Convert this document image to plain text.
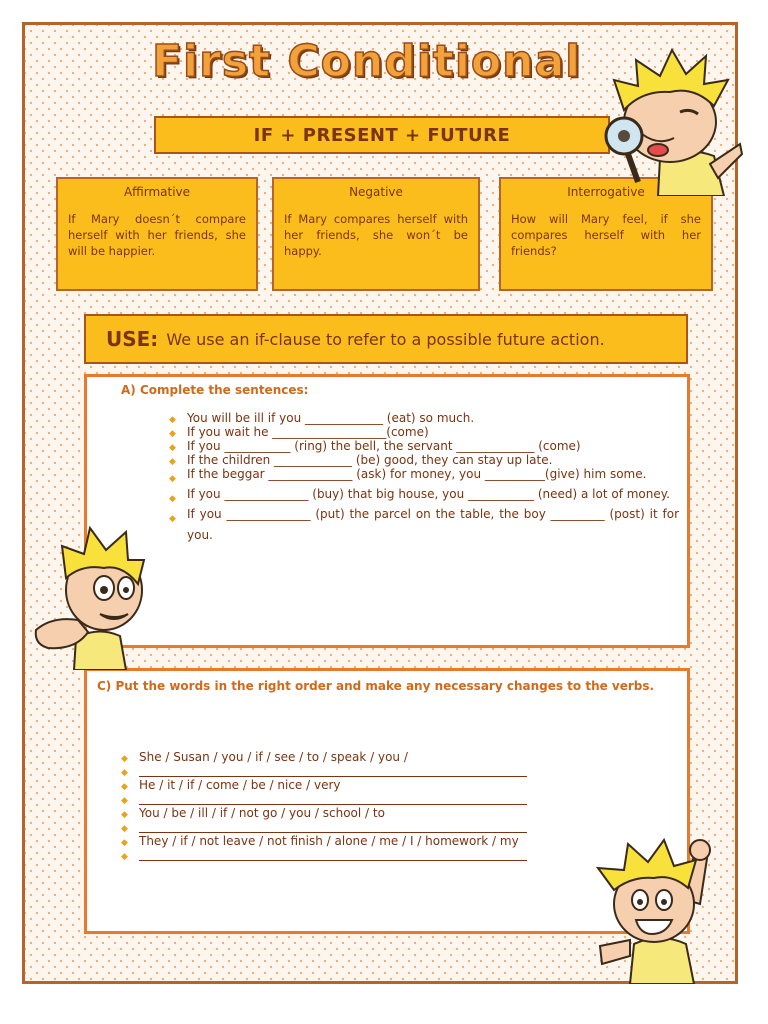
First Conditional
IF + PRESENT + FUTURE
Affirmative

If Mary doesn´t compare herself with her friends, she will be happier.

Negative

If Mary compares herself with her friends, she won´t be happy.

Interrogative

How will Mary feel, if she compares herself with her friends?

USE: We use an if-clause to refer to a possible future action.
A) Complete the sentences:
◆ You will be ill if you _____________ (eat) so much.
◆ If you wait he ___________________(come)
◆ If you ___________ (ring) the bell, the servant _____________ (come)
◆ If the children _____________ (be) good, they can stay up late.
◆ If the beggar ______________ (ask) for money, you __________(give) him some.
◆ If you ______________ (buy) that big house, you ___________ (need) a lot of money.
◆ If you ______________ (put) the parcel on the table, the boy _________ (post) it for you.
C) Put the words in the right order and make any necessary changes to the verbs.
◆ She / Susan / you / if / see / to / speak / you /
◆
◆ He / it / if / come / be / nice / very
◆
◆ You / be / ill / if / not go / you / school / to
◆
◆ They / if / not leave / not finish / alone / me / I / homework / my
◆
